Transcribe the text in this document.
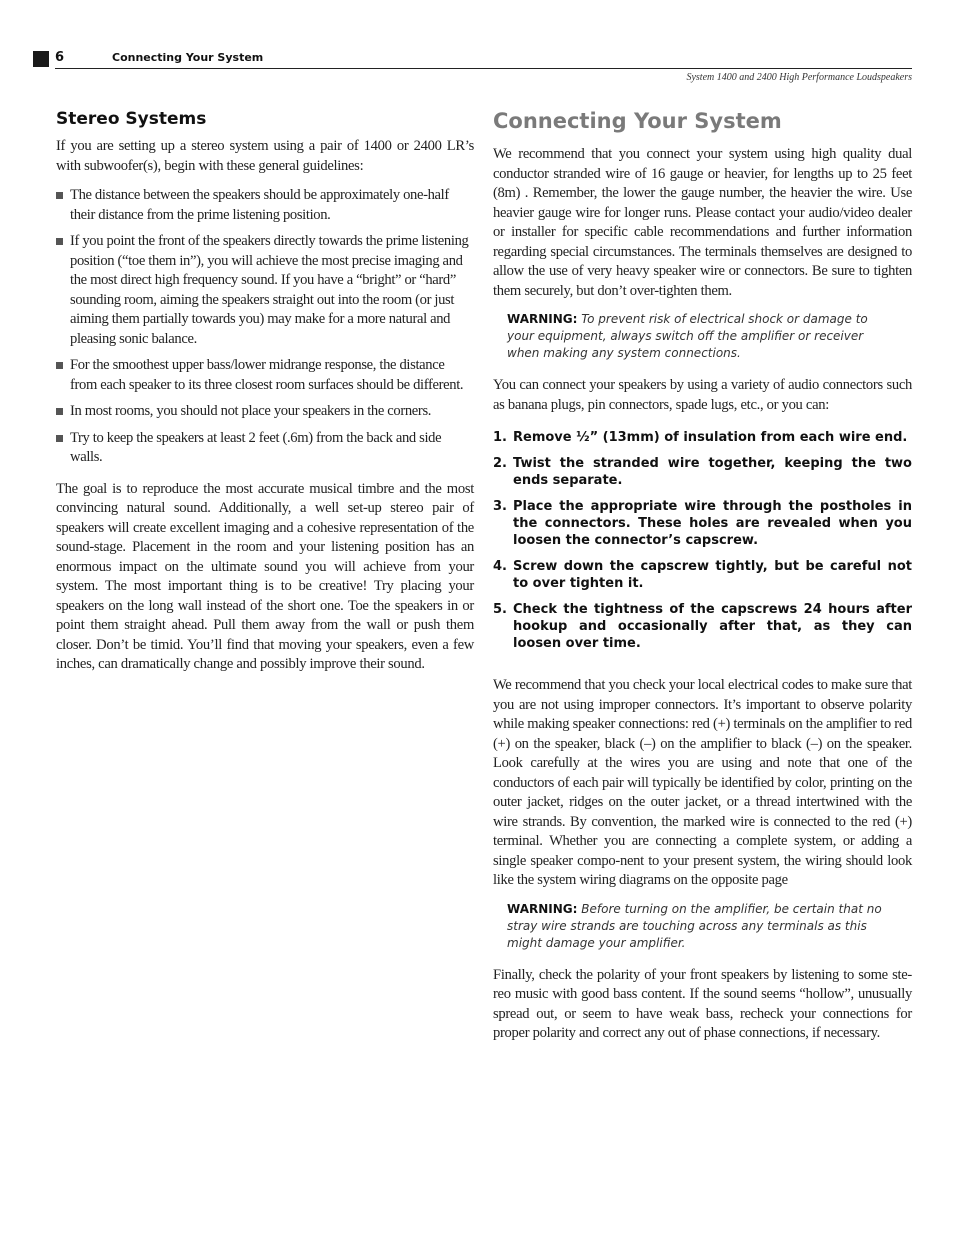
6	Connecting Your System
System 1400 and 2400 High Performance Loudspeakers
Stereo Systems

If you are setting up a stereo system using a pair of 1400 or 2400 LR’s with subwoofer(s), begin with these general guidelines:

The distance between the speakers should be approximately one-half their distance from the prime listening position.
If you point the front of the speakers directly towards the prime listening position (“toe them in”), you will achieve the most precise imaging and the most direct high frequency sound. If you have a “bright” or “hard” sounding room, aiming the speakers straight out into the room (or just aiming them partially towards you) may make for a more natural and pleasing sonic balance.
For the smoothest upper bass/lower midrange response, the distance from each speaker to its three closest room surfaces should be different.
In most rooms, you should not place your speakers in the corners.
Try to keep the speakers at least 2 feet (.6m) from the back and side walls.

The goal is to reproduce the most accurate musical timbre and the most convincing natural sound. Additionally, a well set-up stereo pair of speakers will create excellent imaging and a cohesive representation of the sound-stage. Placement in the room and your listening position has an enormous impact on the ultimate sound you will achieve from your system. The most important thing is to be creative! Try placing your speakers on the long wall instead of the short one. Toe the speakers in or point them straight ahead. Pull them away from the wall or push them closer. Don’t be timid. You’ll find that moving your speakers, even a few inches, can dramatically change and possibly improve their sound.

Connecting Your System

We recommend that you connect your system using high quality dual conductor stranded wire of 16 gauge or heavier, for lengths up to 25 feet (8m) . Remember, the lower the gauge number, the heavier the wire. Use heavier gauge wire for longer runs. Please contact your audio/video dealer or installer for specific cable recommendations and further information regarding special circumstances. The terminals themselves are designed to allow the use of very heavy speaker wire or connectors. Be sure to tighten them securely, but don’t over-tighten them.

WARNING: To prevent risk of electrical shock or damage to your equipment, always switch off the amplifier or receiver when making any system connections.

You can connect your speakers by using a variety of audio connectors such as banana plugs, pin connectors, spade lugs, etc., or you can:

1. Remove ½” (13mm) of insulation from each wire end.
2. Twist the stranded wire together, keeping the two ends separate.
3. Place the appropriate wire through the postholes in the connectors. These holes are revealed when you loosen the connector’s capscrew.
4. Screw down the capscrew tightly, but be careful not to over tighten it.
5. Check the tightness of the capscrews 24 hours after hookup and occasionally after that, as they can loosen over time.

We recommend that you check your local electrical codes to make sure that you are not using improper connectors. It’s important to observe polarity while making speaker connections: red (+) terminals on the amplifier to red (+) on the speaker, black (–) on the amplifier to black (–) on the speaker. Look carefully at the wires you are using and note that one of the conductors of each pair will typically be identified by color, printing on the outer jacket, ridges on the outer jacket, or a thread intertwined with the wire strands. By convention, the marked wire is connected to the red (+) terminal. Whether you are connecting a complete system, or adding a single speaker compo-nent to your present system, the wiring should look like the system wiring diagrams on the opposite page

WARNING: Before turning on the amplifier, be certain that no stray wire strands are touching across any terminals as this might damage your amplifier.

Finally, check the polarity of your front speakers by listening to some ste-reo music with good bass content. If the sound seems “hollow”, unusually spread out, or seem to have weak bass, recheck your connections for proper polarity and correct any out of phase connections, if necessary.
